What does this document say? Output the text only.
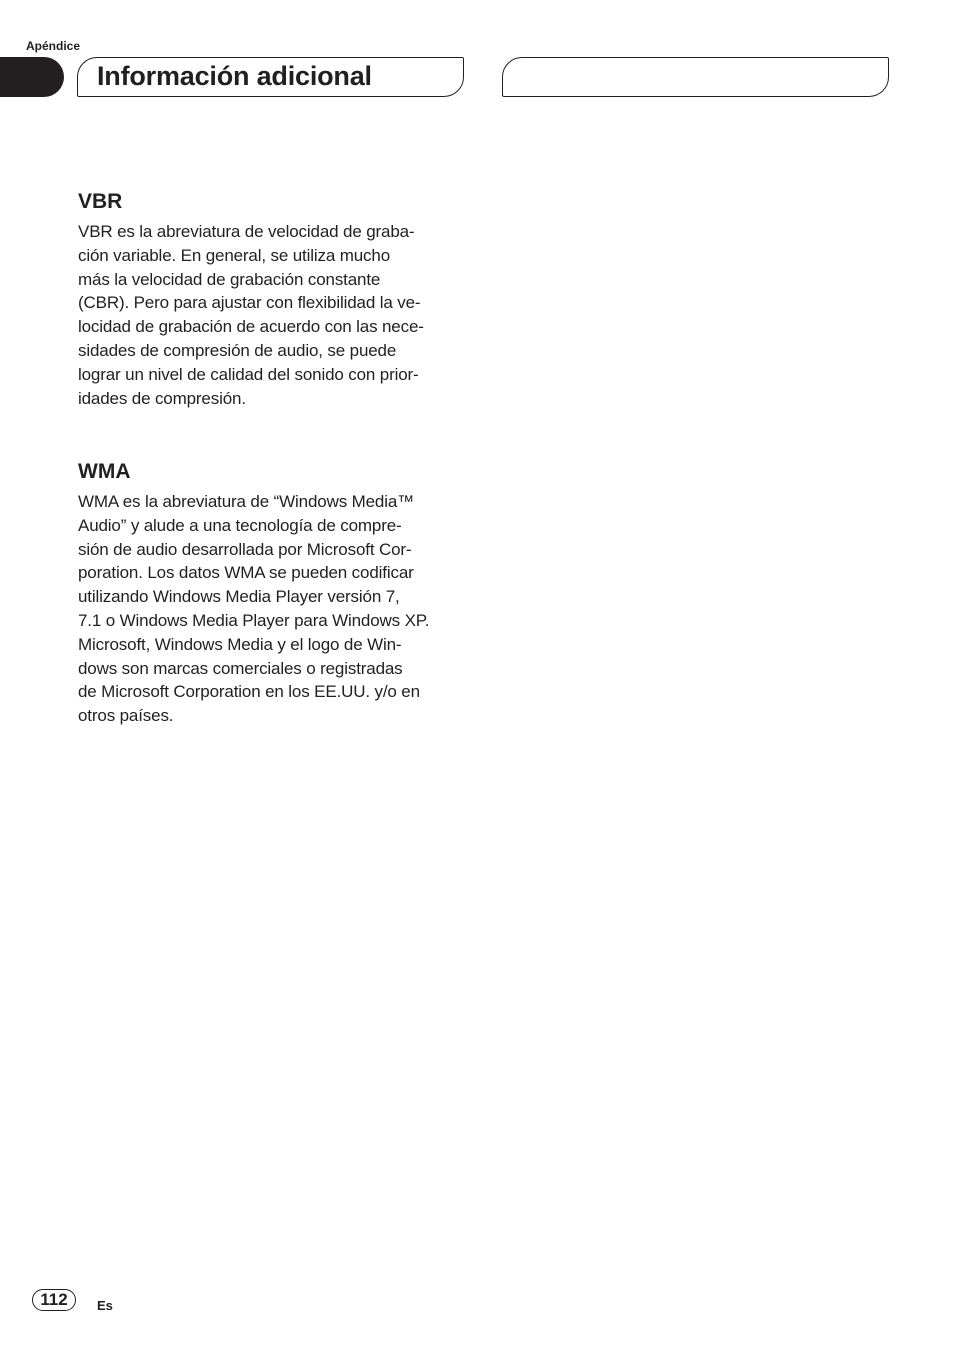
Apéndice
Información adicional
VBR

VBR es la abreviatura de velocidad de graba-
ción variable. En general, se utiliza mucho
más la velocidad de grabación constante
(CBR). Pero para ajustar con flexibilidad la ve-
locidad de grabación de acuerdo con las nece-
sidades de compresión de audio, se puede
lograr un nivel de calidad del sonido con prior-
idades de compresión.

WMA

WMA es la abreviatura de “Windows Media™
Audio” y alude a una tecnología de compre-
sión de audio desarrollada por Microsoft Cor-
poration. Los datos WMA se pueden codificar
utilizando Windows Media Player versión 7,
7.1 o Windows Media Player para Windows XP.
Microsoft, Windows Media y el logo de Win-
dows son marcas comerciales o registradas
de Microsoft Corporation en los EE.UU. y/o en
otros países.

112	Es
